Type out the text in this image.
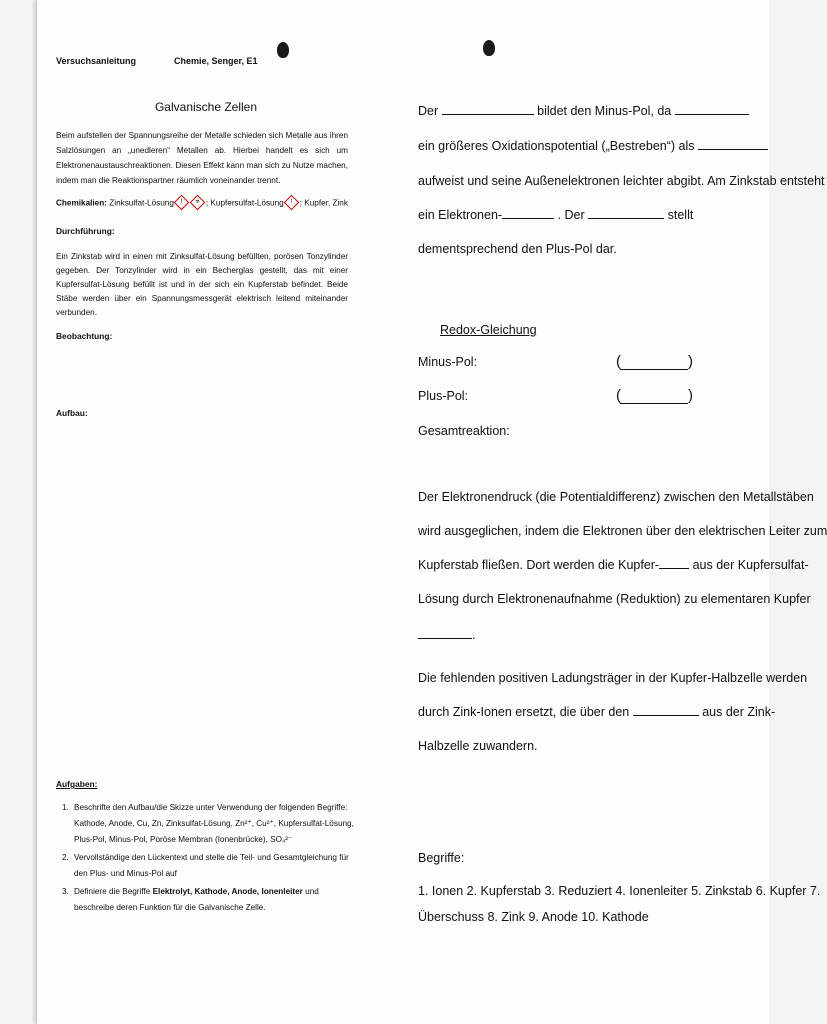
Versuchsanleitung	Chemie, Senger, E1
Galvanische Zellen
Beim aufstellen der Spannungsreihe der Metalle schieden sich Metalle aus ihren Salzlösungen an „unedleren“ Metallen ab. Hierbei handelt es sich um Elektronenaustauschreaktionen. Diesen Effekt kann man sich zu Nutze machen, indem man die Reaktionspartner räumlich voneinander trennt.
Chemikalien: Zinksulfat-Lösung	!	☣ ; Kupfersulfat-Lösung	! ; Kupfer, Zink
Durchführung:
Ein Zinkstab wird in einen mit Zinksulfat-Lösung befüllten, porösen Tonzylinder gegeben. Der Tonzylinder wird in ein Becherglas gestellt, das mit einer Kupfersulfat-Lösung befüllt ist und in der sich ein Kupferstab befindet. Beide Stäbe werden über ein Spannungsmessgerät elektrisch leitend miteinander verbunden.
Beobachtung:
Aufbau:
Aufgaben:
1. Beschrifte den Aufbau/die Skizze unter Verwendung der folgenden Begriffe: Kathode, Anode, Cu, Zn, Zinksulfat-Lösung, Zn²⁺, Cu²⁺, Kupfersulfat-Lösung, Plus-Pol, Minus-Pol, Poröse Membran (Ionenbrücke), SO₄²⁻
2. Vervollständige den Lückentext und stelle die Teil- und Gesamtgleichung für den Plus- und Minus-Pol auf
3. Definiere die Begriffe Elektrolyt, Kathode, Anode, Ionenleiter und beschreibe deren Funktion für die Galvanische Zelle.
Der	bildet den Minus-Pol, da
ein größeres Oxidationspotential („Bestreben“) als
aufweist und seine Außenelektronen leichter abgibt. Am Zinkstab entsteht
ein Elektronen-	. Der	stellt
dementsprechend den Plus-Pol dar.
Redox-Gleichung
Minus-Pol:	(	)
Plus-Pol:	(	)
Gesamtreaktion:
Der Elektronendruck (die Potentialdifferenz) zwischen den Metallstäben
wird ausgeglichen, indem die Elektronen über den elektrischen Leiter zum
Kupferstab fließen. Dort werden die Kupfer-	aus der Kupfersulfat-
Lösung durch Elektronenaufnahme (Reduktion) zu elementaren Kupfer
.
Die fehlenden positiven Ladungsträger in der Kupfer-Halbzelle werden
durch Zink-Ionen ersetzt, die über den	aus der Zink-
Halbzelle zuwandern.
Begriffe:
1. Ionen 2. Kupferstab 3. Reduziert 4. Ionenleiter 5. Zinkstab 6. Kupfer 7.
Überschuss 8. Zink 9. Anode 10. Kathode
